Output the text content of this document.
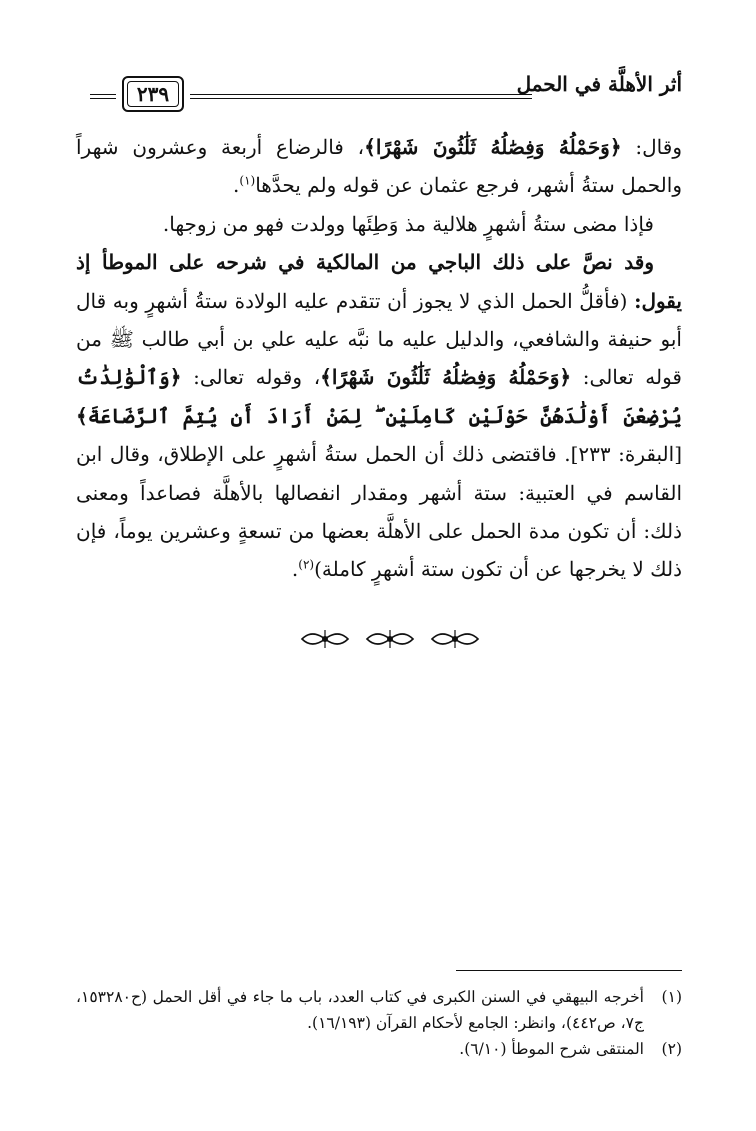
أثر الأهلَّة في الحمل
٢٣٩

وقال: ﴿وَحَمْلُهُ وَفِصَٰلُهُ ثَلَٰثُونَ شَهْرًا﴾، فالرضاع أربعة وعشرون شهراً والحمل ستةُ أشهر، فرجع عثمان عن قوله ولم يحدَّها$^{(١)}$.

فإذا مضى ستةُ أشهرٍ هلالية مذ وَطِئَها وولدت فهو من زوجها.

وقد نصَّ على ذلك الباجي من المالكية في شرحه على الموطأ إذ يقول: (فأقلُّ الحمل الذي لا يجوز أن تتقدم عليه الولادة ستةُ أشهرٍ وبه قال أبو حنيفة والشافعي، والدليل عليه ما نبَّه عليه علي بن أبي طالب ﷺ من قوله تعالى: ﴿وَحَمْلُهُ وَفِصَٰلُهُ ثَلَٰثُونَ شَهْرًا﴾، وقوله تعالى: ﴿وَٱلْوَٰلِدَٰتُ يُرْضِعْنَ أَوْلَٰدَهُنَّ حَوْلَيْنِ كَامِلَيْنِ ۖ لِمَنْ أَرَادَ أَن يُتِمَّ ٱلرَّضَاعَةَ﴾ [البقرة: ٢٣٣]. فاقتضى ذلك أن الحمل ستةُ أشهرٍ على الإطلاق، وقال ابن القاسم في العتبية: ستة أشهر ومقدار انفصالها بالأهلَّة فصاعداً ومعنى ذلك: أن تكون مدة الحمل على الأهلَّة بعضها من تسعةٍ وعشرين يوماً، فإن ذلك لا يخرجها عن أن تكون ستة أشهرٍ كاملة)$^{(٢)}$.

(١)
أخرجه البيهقي في السنن الكبرى في كتاب العدد، باب ما جاء في أقل الحمل (ح١٥٣٢٨٠، ج٧، ص٤٤٢)، وانظر: الجامع لأحكام القرآن (١٦/١٩٣).
(٢)
المنتقى شرح الموطأ (٦/١٠).
